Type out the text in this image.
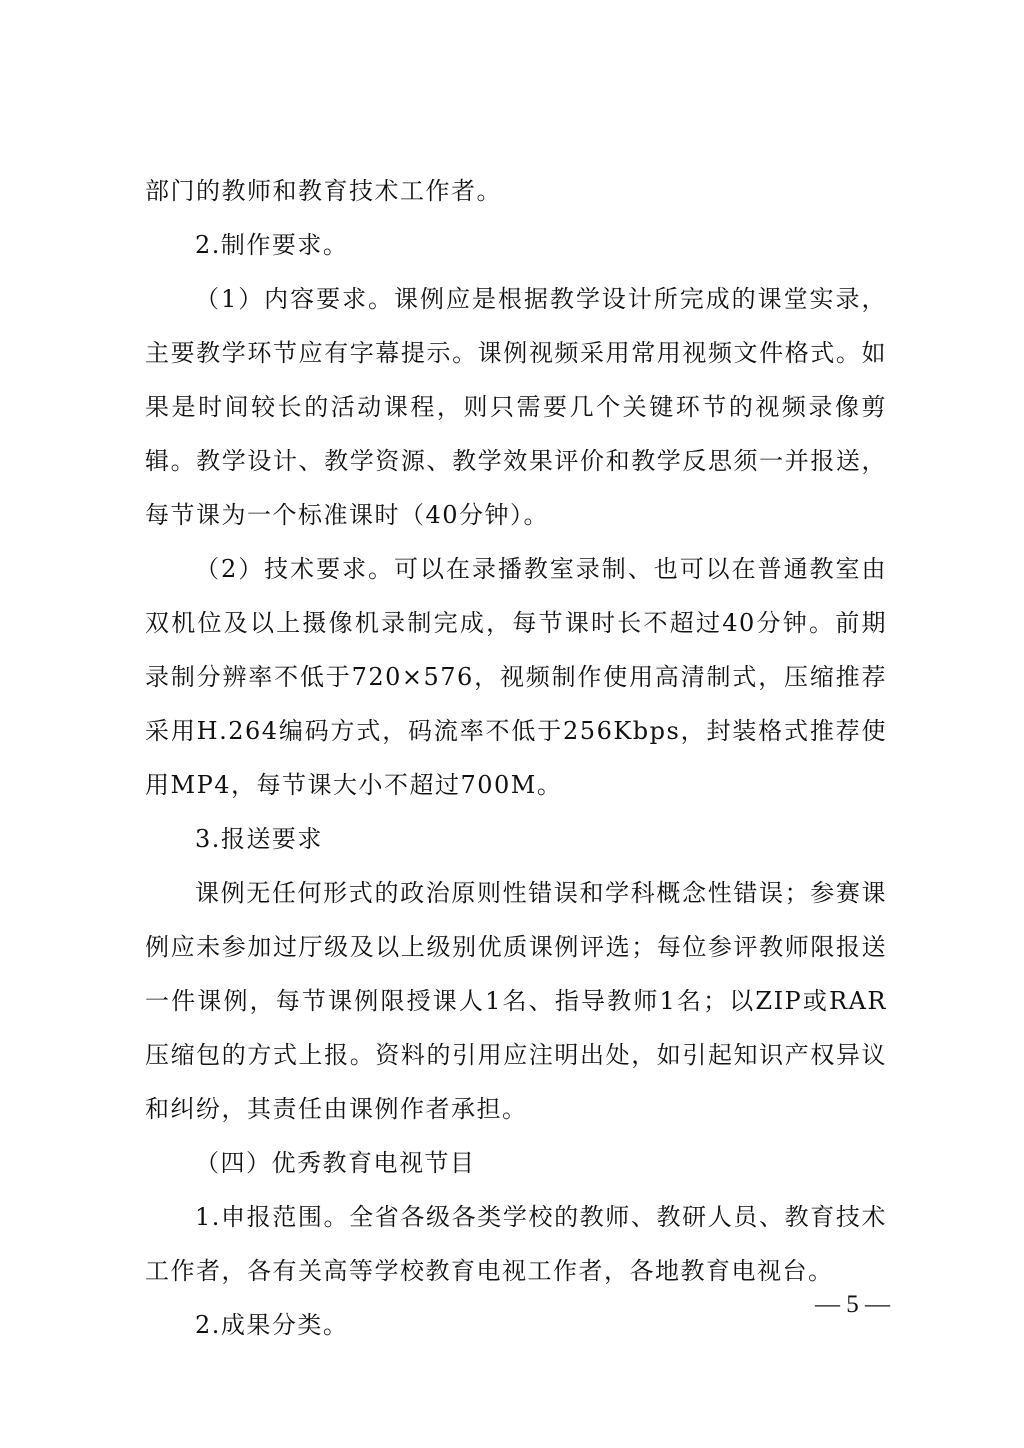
部门的教师和教育技术工作者。

2.制作要求。

（1）内容要求。课例应是根据教学设计所完成的课堂实录，主要教学环节应有字幕提示。课例视频采用常用视频文件格式。如果是时间较长的活动课程，则只需要几个关键环节的视频录像剪辑。教学设计、教学资源、教学效果评价和教学反思须一并报送，每节课为一个标准课时（40分钟）。

（2）技术要求。可以在录播教室录制、也可以在普通教室由双机位及以上摄像机录制完成，每节课时长不超过40分钟。前期录制分辨率不低于720×576，视频制作使用高清制式，压缩推荐采用H.264编码方式，码流率不低于256Kbps，封装格式推荐使用MP4，每节课大小不超过700M。

3.报送要求

课例无任何形式的政治原则性错误和学科概念性错误；参赛课例应未参加过厅级及以上级别优质课例评选；每位参评教师限报送一件课例，每节课例限授课人1名、指导教师1名；以ZIP或RAR压缩包的方式上报。资料的引用应注明出处，如引起知识产权异议和纠纷，其责任由课例作者承担。

（四）优秀教育电视节目

1.申报范围。全省各级各类学校的教师、教研人员、教育技术工作者，各有关高等学校教育电视工作者，各地教育电视台。

2.成果分类。

— 5 —
